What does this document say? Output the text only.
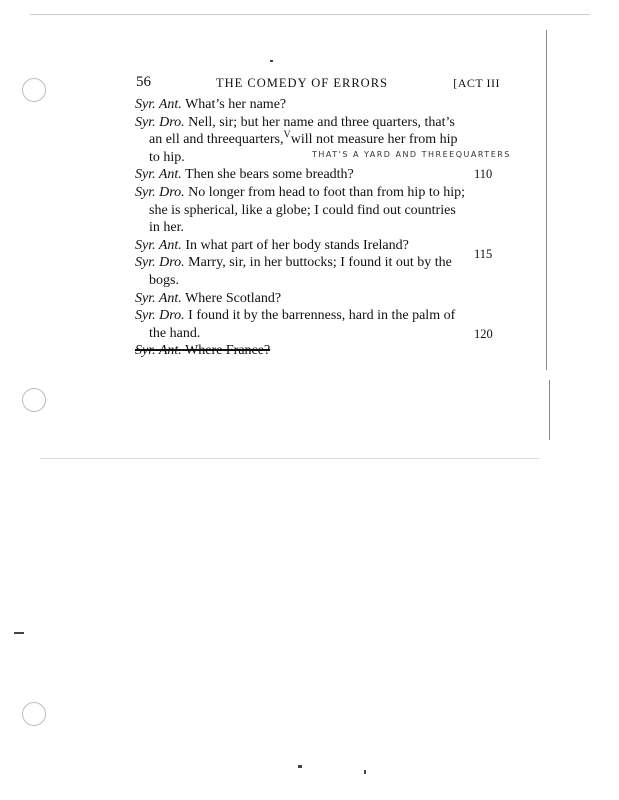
56	THE COMEDY OF ERRORS	[ACT III

Syr. Ant. What’s her name?

Syr. Dro. Nell, sir; but her name and three quarters, that’s an ell and threequarters,$^V$will not measure her from hip to hip.

Syr. Ant. Then she bears some breadth?

Syr. Dro. No longer from head to foot than from hip to hip; she is spherical, like a globe; I could find out countries in her.

Syr. Ant. In what part of her body stands Ireland?

Syr. Dro. Marry, sir, in her buttocks; I found it out by the bogs.

Syr. Ant. Where Scotland?

Syr. Dro. I found it by the barrenness, hard in the palm of the hand.

Syr. Ant. Where France?

THAT'S A YARD AND THREEQUARTERS
110
115
120
